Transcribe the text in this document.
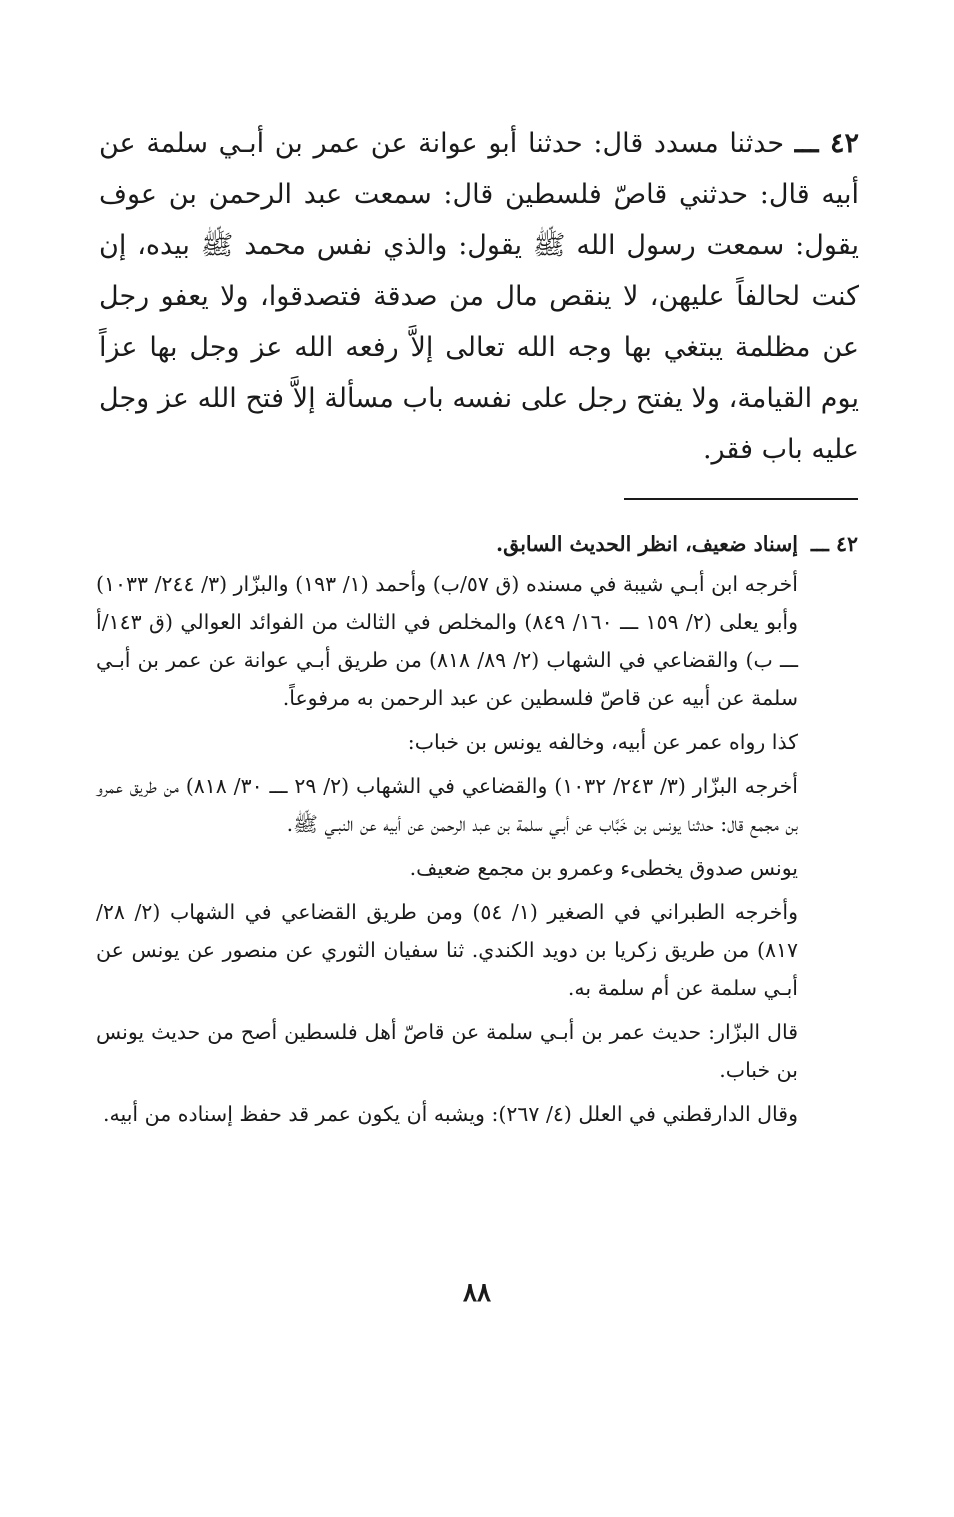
٤٢ ـــ حدثنا مسدد قال: حدثنا أبو عوانة عن عمر بن أبـي سلمة عن أبيه قال: حدثني قاصّ فلسطين قال: سمعت عبد الرحمن بن عوف يقول: سمعت رسول الله ﷺ يقول: والذي نفس محمد ﷺ بيده، إن كنت لحالفاً عليهن، لا ينقص مال من صدقة فتصدقوا، ولا يعفو رجل عن مظلمة يبتغي بها وجه الله تعالى إلاَّ رفعه الله عز وجل بها عزاً يوم القيامة، ولا يفتح رجل على نفسه باب مسألة إلاَّ فتح الله عز وجل عليه باب فقر.
٤٢ ـــ
إسناد ضعيف، انظر الحديث السابق.
أخرجه ابن أبـي شيبة في مسنده (ق ٥٧/ب) وأحمد (١/ ١٩٣) والبزّار (٣/ ٢٤٤/ ١٠٣٣) وأبو يعلى (٢/ ١٥٩ ـــ ١٦٠/ ٨٤٩) والمخلص في الثالث من الفوائد العوالي (ق ١٤٣/أ ـــ ب) والقضاعي في الشهاب (٢/ ٨٩/ ٨١٨) من طريق أبـي عوانة عن عمر بن أبـي سلمة عن أبيه عن قاصّ فلسطين عن عبد الرحمن به مرفوعاً.
كذا رواه عمر عن أبيه، وخالفه يونس بن خباب:
أخرجه البزّار (٣/ ٢٤٣/ ١٠٣٢) والقضاعي في الشهاب (٢/ ٢٩ ـــ ٣٠/ ٨١٨) من طريق عمرو بن مجمع قال: حدثنا يونس بن خَبَّاب عن أبـي سلمة بن عبد الرحمن عن أبيه عن النبـي ﷺ.
يونس صدوق يخطىء وعمرو بن مجمع ضعيف.
وأخرجه الطبراني في الصغير (١/ ٥٤) ومن طريق القضاعي في الشهاب (٢/ ٢٨/ ٨١٧) من طريق زكريا بن دويد الكندي. ثنا سفيان الثوري عن منصور عن يونس عن أبـي سلمة عن أم سلمة به.
قال البزّار: حديث عمر بن أبـي سلمة عن قاصّ أهل فلسطين أصح من حديث يونس بن خباب.
وقال الدارقطني في العلل (٤/ ٢٦٧): ويشبه أن يكون عمر قد حفظ إسناده من أبيه.
٨٨
